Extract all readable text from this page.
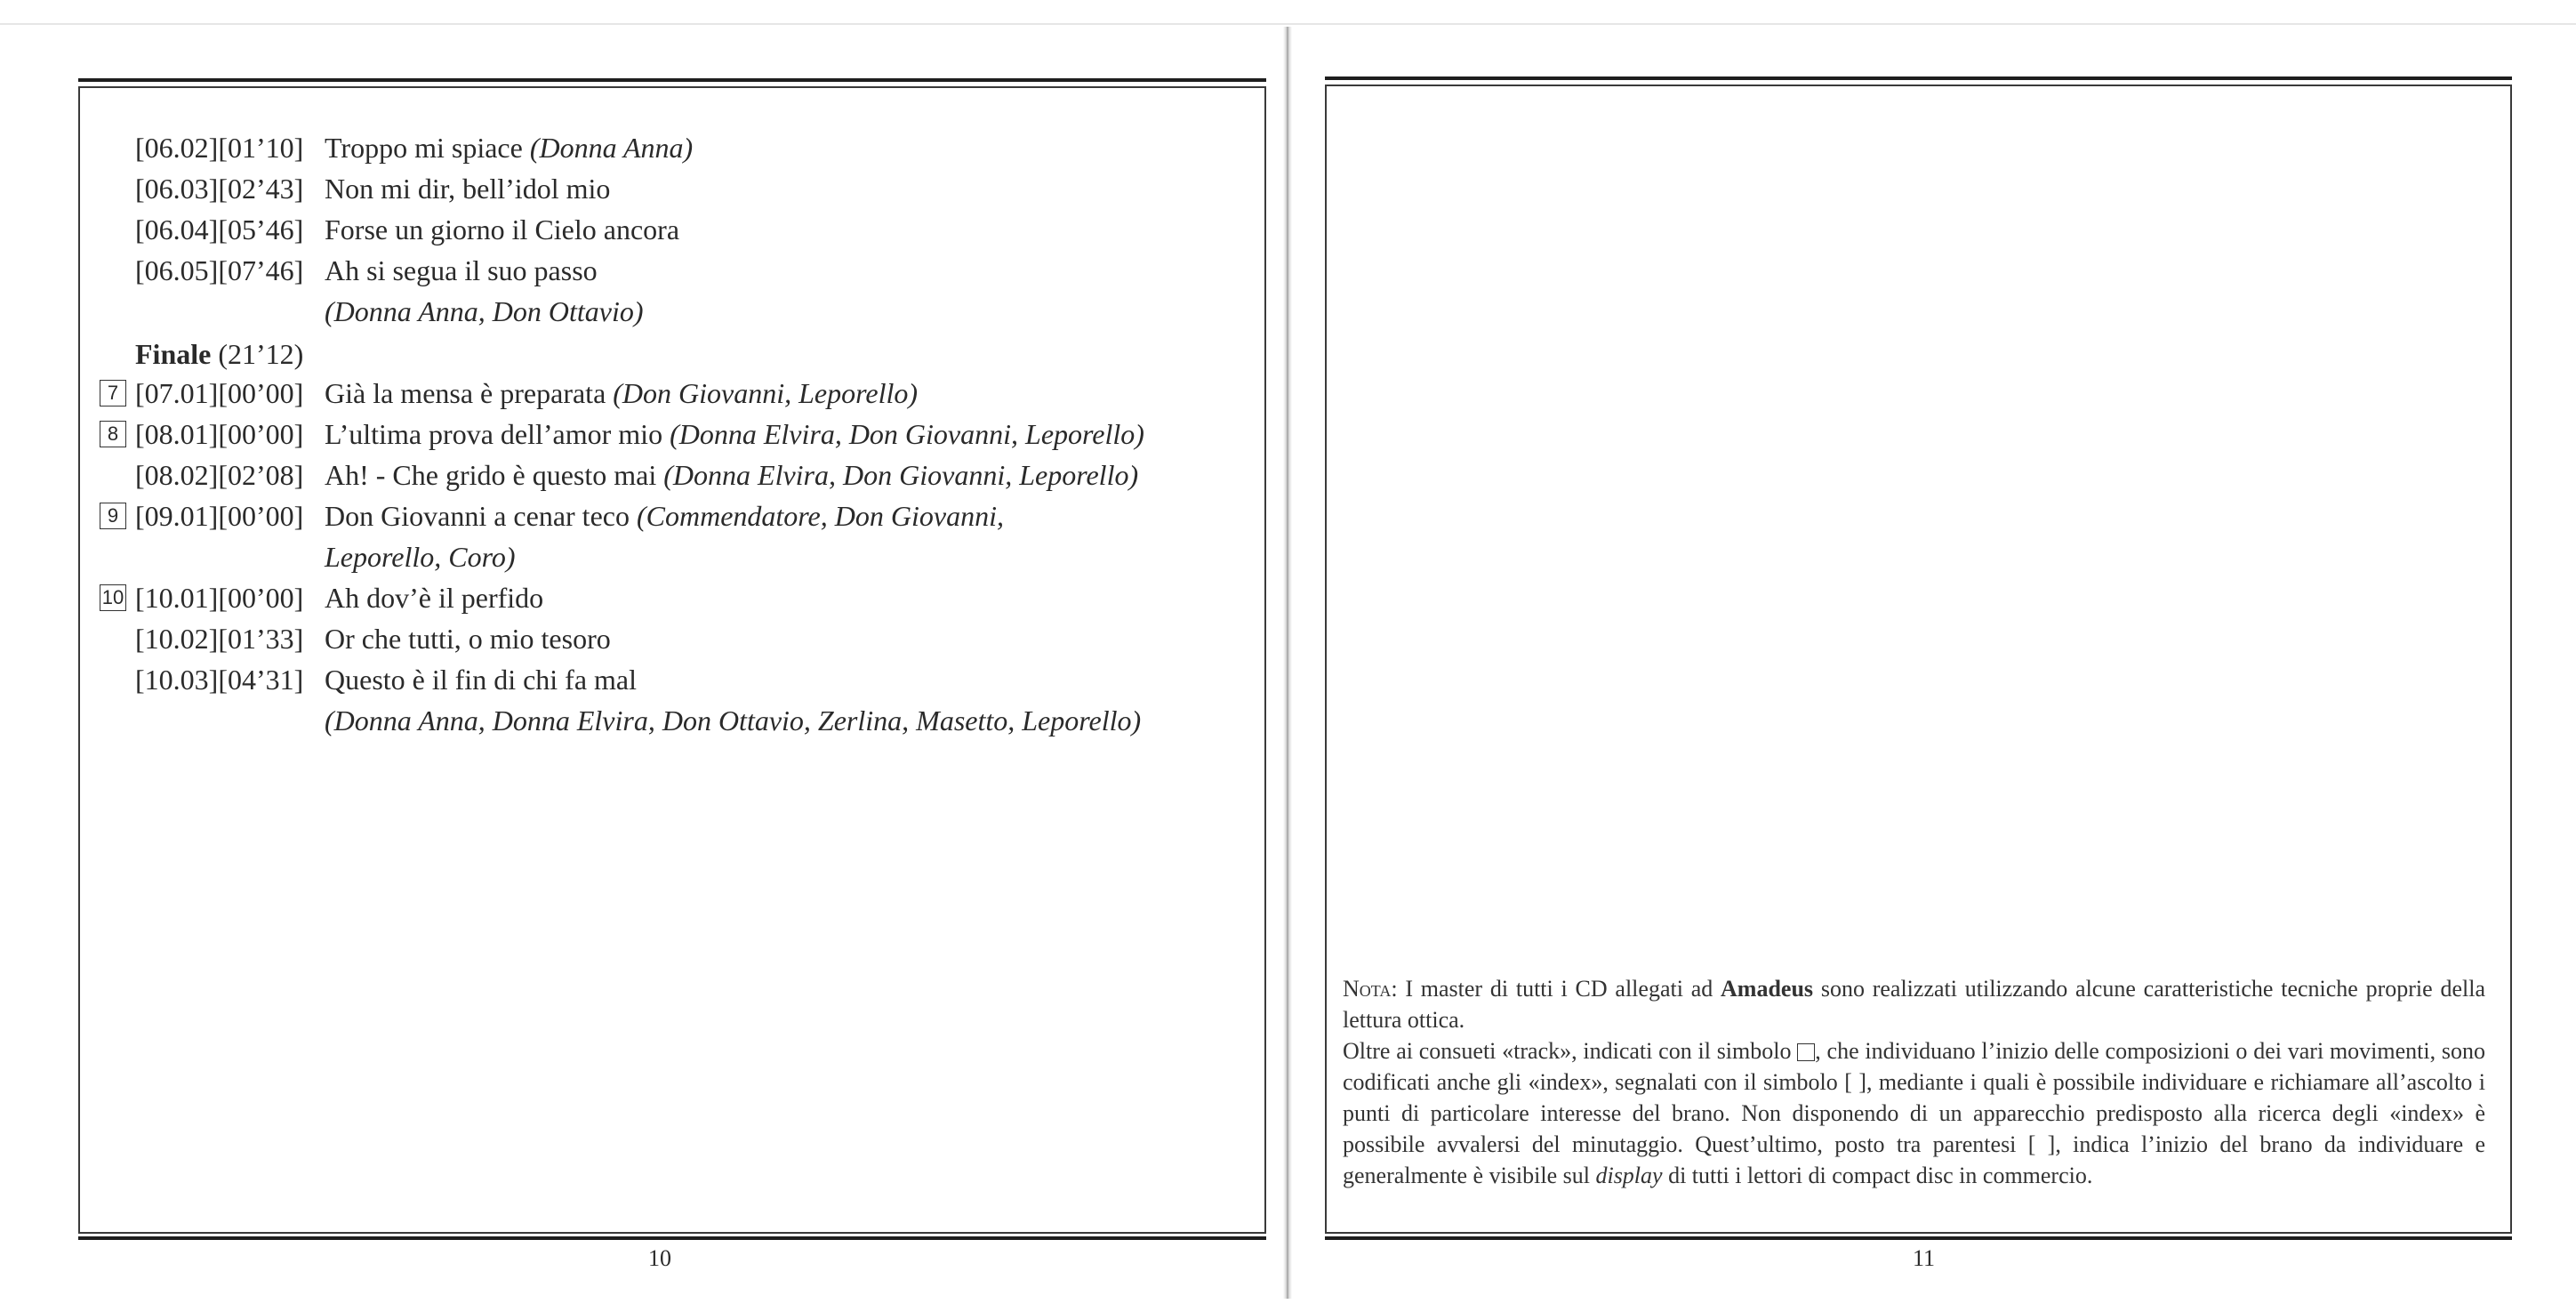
[06.02][01’10] Troppo mi spiace (Donna Anna)
[06.03][02’43] Non mi dir, bell’idol mio
[06.04][05’46] Forse un giorno il Cielo ancora
[06.05][07’46] Ah si segua il suo passo
(Donna Anna, Don Ottavio)
7 [07.01][00’00] Già la mensa è preparata (Don Giovanni, Leporello)
8 [08.01][00’00] L’ultima prova dell’amor mio (Donna Elvira, Don Giovanni, Leporello)
[08.02][02’08] Ah! - Che grido è questo mai (Donna Elvira, Don Giovanni, Leporello)
9 [09.01][00’00] Don Giovanni a cenar teco (Commendatore, Don Giovanni,
Leporello, Coro)
10 [10.01][00’00] Ah dov’è il perfido
[10.02][01’33] Or che tutti, o mio tesoro
[10.03][04’31] Questo è il fin di chi fa mal
(Donna Anna, Donna Elvira, Don Ottavio, Zerlina, Masetto, Leporello)
Finale (21’12)
10

Nota: I master di tutti i CD allegati ad Amadeus sono realizzati utilizzando alcune caratteristiche tecniche proprie della lettura ottica.

Oltre ai consueti «track», indicati con il simbolo , che individuano l’inizio delle composizioni o dei vari movimenti, sono codificati anche gli «index», segnalati con il simbolo [ ], mediante i quali è possibile individuare e richiamare all’ascolto i punti di particolare interesse del brano. Non disponendo di un apparecchio predisposto alla ricerca degli «index» è possibile avvalersi del minutaggio. Quest’ultimo, posto tra parentesi [ ], indica l’inizio del brano da individuare e generalmente è visibile sul display di tutti i lettori di compact disc in commercio.

11
